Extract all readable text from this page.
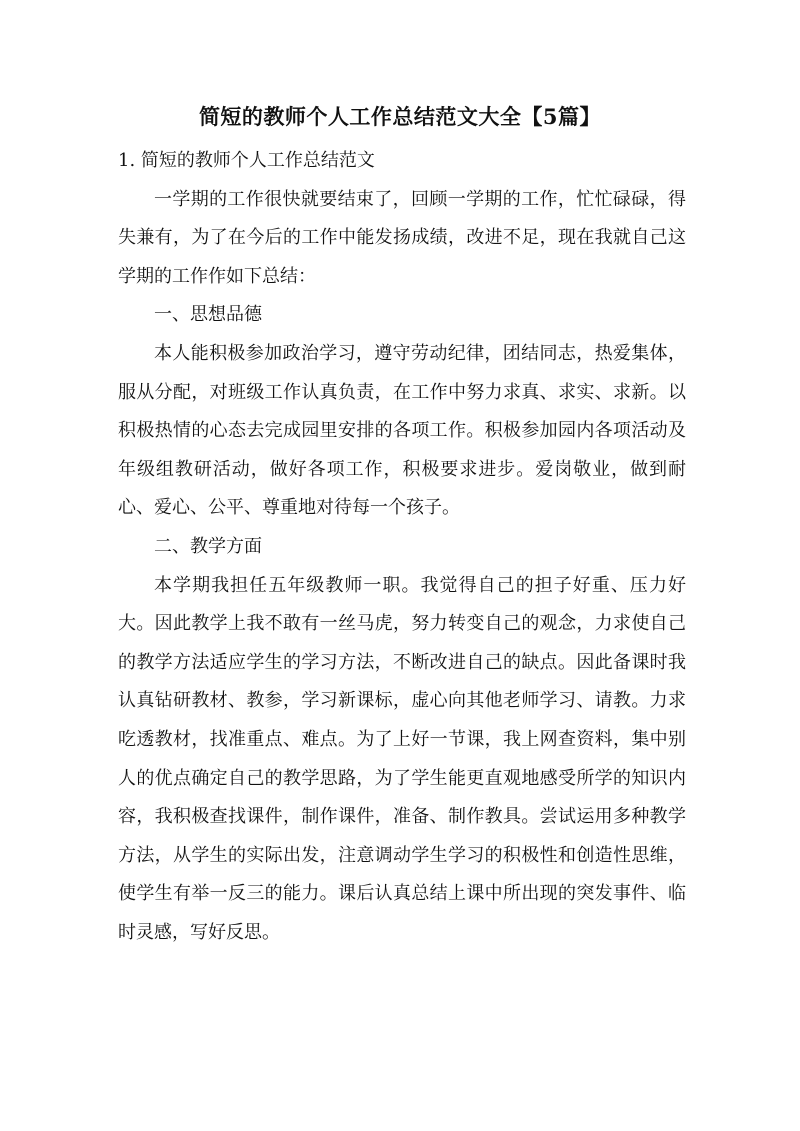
简短的教师个人工作总结范文大全【5篇】

1. 简短的教师个人工作总结范文

一学期的工作很快就要结束了，回顾一学期的工作，忙忙碌碌，得失兼有，为了在今后的工作中能发扬成绩，改进不足，现在我就自己这学期的工作作如下总结：

一、思想品德

本人能积极参加政治学习，遵守劳动纪律，团结同志，热爱集体，服从分配，对班级工作认真负责，在工作中努力求真、求实、求新。以积极热情的心态去完成园里安排的各项工作。积极参加园内各项活动及年级组教研活动，做好各项工作，积极要求进步。爱岗敬业，做到耐心、爱心、公平、尊重地对待每一个孩子。

二、教学方面

本学期我担任五年级教师一职。我觉得自己的担子好重、压力好大。因此教学上我不敢有一丝马虎，努力转变自己的观念，力求使自己的教学方法适应学生的学习方法，不断改进自己的缺点。因此备课时我认真钻研教材、教参，学习新课标，虚心向其他老师学习、请教。力求吃透教材，找准重点、难点。为了上好一节课，我上网查资料，集中别人的优点确定自己的教学思路，为了学生能更直观地感受所学的知识内容，我积极查找课件，制作课件，准备、制作教具。尝试运用多种教学方法，从学生的实际出发，注意调动学生学习的积极性和创造性思维，使学生有举一反三的能力。课后认真总结上课中所出现的突发事件、临时灵感，写好反思。
